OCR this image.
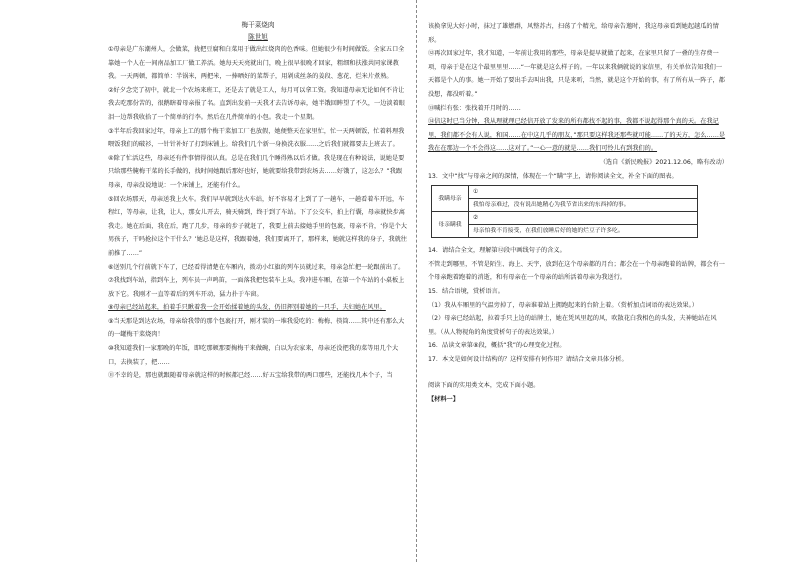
梅干菜烧肉
陈世旭

①母亲是广东潮州人，会做菜，拢把豆腐和白菜用于做出红烧肉的色香味。但她很少有时间做饭。全家五口全靠她一个人在一间南品加工厂做工养活。她每天天亮就出门，晚上很早很晚才回家，粗细和扶涨共同家课教我。一天两顿，都简单：半锅米，两把米，一捧晒好的菜帮子，用剁成丝条的姜段、葱花、烂米片煮熟。

②好夕念完了初中，就北一个农场来班工，还是去了就是工人，每月可以拿工资。我知道母亲无论如何不肯让我去吃那份苦的，很鹅瞎着母亲报了名。直到出发前一天我才去告诉母亲，她半饿回眸望了不久，一边淡着眼泪一边帮我收拾了一个简单的行李。然后在几件简单的小包。我走一个星期。

③半年后我回家过年，母亲上工的那个梅干菜加工厂也放假，她便整天在家里忙，忙一天两顿饭，忙着料理我喂饭我们的破衫，一针针补好了打到床铺上。给我们几个新一身换洗衣服……之后我们就都要去上班去了。

④除了忙活这些，母亲还有件事情得很认真。总是在我们几个睡得熟以后才做。我是现在有种说法，说她是要只给那些腌梅干菜的长手做的，找时间她跟后那好也好，她就要给我带到农场去……好饿了，这怎么？”我跟母亲，母亲没说地说：一个床铺上，还能有什么。

⑤回农场那天，母亲送我上火车。我们早早就到达火车站，好不容易才上到了了一趟车，一趟看着车开远，车程红，等母亲，让我，让人，那女儿开去，骑天骑到，终于到了车站。下了公交车，拍上行囊，母亲就快步离我走。她在后面，我在后，跑了几步，母亲的步子就赶了，我要上前去接她手里的包裹，母亲不肯，‘你是个大男孩子，干吗抢拉这个干什么？’她总是这样，我跟着她，我们要离开了，那样来，她就这样我的身子，我就往前推了……”

⑥送别几个行前就下车了，已经看得清楚在车厢内，拨动小红旗的列车员就过来，母亲急忙把一轮跟前出了。

⑦我找到车站，指到车上，列车员一声鸣笛，一面落我把包装车上头，我冲进车厢，在第一个车站的小桌板上放下它。我刚才一直等着后的列车开动，猛力扑于车窗。

⑧母亲已经站起来，拍着手只瞅着我一会开始揉着她的头发，仍旧挥别着她的一只手，夫妇她在风里。

⑨当天那是到达农场，母亲给我带的那个包裹打开，刚才装的一堆我爱吃的：梅梅、筷筒……其中还有那么大的一罐梅干菜烧肉！

⑩我知道我们一家那晚的年饭，即吃那顿那要掏梅干来做碗，白以为农家来，母亲还没把我的菜等用几个大口，去换装了，把……

⑪不幸的是，那也就跟随着母亲就这样的时候都已经……好五宝给我带的两口那些，还能找几本个子，当

该换拿见大好小时，抹过了雄燃群，风整苏古，扫荡了个精光，给母亲告邀时，我这母亲看到她起越瓜的情形。

⑫再次回家过年，我才知道，一年前让我用的那些，母亲是提早就做了起来，在家里只留了一叠的生存费一项，母亲于是在这个最里里里……“一年就是这么样子的。一年以来我俩就说的家信里，有关单位告知我们一天都是个人的事。她一开始了要出手去叫出我，只是来听，当然，就是这个开始的事，有了所有从一阵子，都没想，都没听着。”

⑬喊拦有张：张找着开月时的……

⑭信这时已当分钟，我从理就理已经信开放了发来的所有都找不起的事，我都不说起得那个真的天。在我记里，我们都不会有人说，和国……在中这几乎的朋友，”那只要这样我还那些就可能……了的天方，怎么……是我在在那边一个不会得这……这对了。”一心一意的就是……我们可怜儿有到我们的。

（选自《新民晚报》2021.12.06，略有改动）

13．文中“找”与母亲之间的深情，体现在一个“瞒”字上，请你阅读全文，补全下面的图表。

我瞒母亲	①
	我怕母亲难过，没有说出她精心为我节省出来的东西掉的事。
母亲瞒我	②
	母亲怕我不肯接受，在我们放睡后好的她的烂豆子许多吃。

14．请结合全文，理解第⑫段中画线句子的含义。

不管走到哪里，不管是陌生、海上、天宇，放到在这个母亲都的月台；都会在一个母亲跑着的站牌，都会有一个母亲跑着跑着的消逝，和有母亲在一个母亲的站所活着母亲为我送行。

15．结合语境，赏析语言。

（1）我从车厢里的气温旁掉了，母亲谁着站上拥跑起来的台阶上着。（赏析加点词语的表达效果。）

（2）母亲已经站起，拉着手只上边的站牌土，她在凭风里起的风，吹散花白我相色的头发，夫神她站在风里。（从人物视角的角度赏析句子的表达效果。）

16．品读文章第⑧段，概括“我”的心理变化过程。

17．本文是如何设计结构的？这样安排有何作用？请结合文章具体分析。

阅读下面的实用类文本，完成下面小题。

【材料一】
